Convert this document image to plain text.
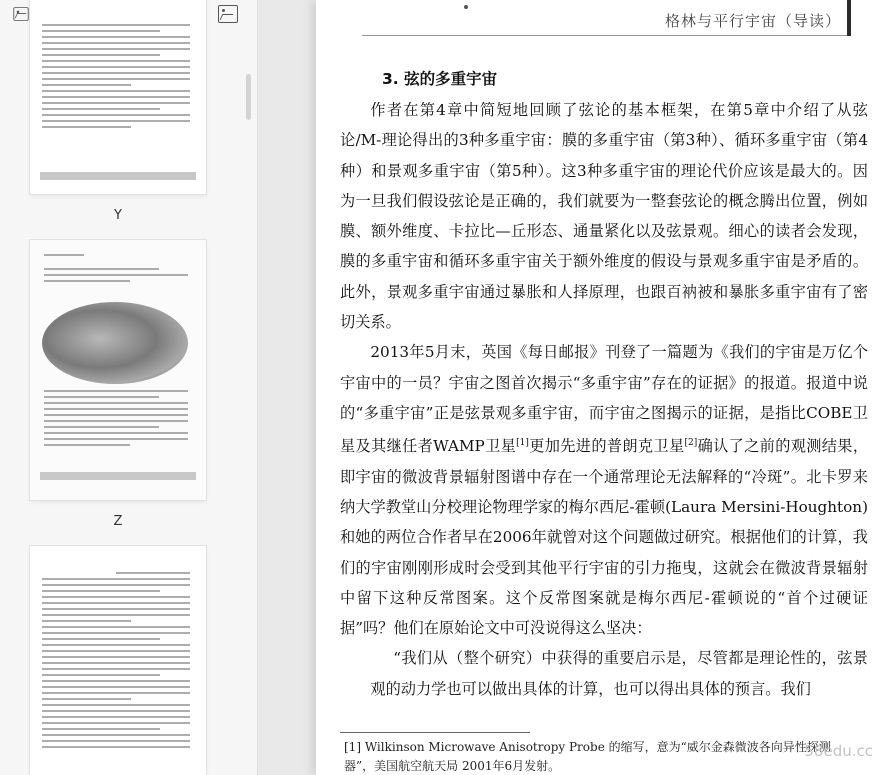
Y
Z
格林与平行宇宙（导读）
3. 弦的多重宇宙

作者在第4章中简短地回顾了弦论的基本框架，在第5章中介绍了从弦论/M-理论得出的3种多重宇宙：膜的多重宇宙（第3种）、循环多重宇宙（第4种）和景观多重宇宙（第5种）。这3种多重宇宙的理论代价应该是最大的。因为一旦我们假设弦论是正确的，我们就要为一整套弦论的概念腾出位置，例如膜、额外维度、卡拉比—丘形态、通量紧化以及弦景观。细心的读者会发现，膜的多重宇宙和循环多重宇宙关于额外维度的假设与景观多重宇宙是矛盾的。此外，景观多重宇宙通过暴胀和人择原理，也跟百衲被和暴胀多重宇宙有了密切关系。

2013年5月末，英国《每日邮报》刊登了一篇题为《我们的宇宙是万亿个宇宙中的一员？宇宙之图首次揭示“多重宇宙”存在的证据》的报道。报道中说的“多重宇宙”正是弦景观多重宇宙，而宇宙之图揭示的证据，是指比COBE卫星及其继任者WAMP卫星[1]更加先进的普朗克卫星[2]确认了之前的观测结果，即宇宙的微波背景辐射图谱中存在一个通常理论无法解释的“冷斑”。北卡罗来纳大学教堂山分校理论物理学家的梅尔西尼-霍顿(Laura Mersini-Houghton)和她的两位合作者早在2006年就曾对这个问题做过研究。根据他们的计算，我们的宇宙刚刚形成时会受到其他平行宇宙的引力拖曳，这就会在微波背景辐射中留下这种反常图案。这个反常图案就是梅尔西尼-霍顿说的“首个过硬证据”吗？他们在原始论文中可没说得这么坚决：

“我们从（整个研究）中获得的重要启示是，尽管都是理论性的，弦景观的动力学也可以做出具体的计算，也可以得出具体的预言。我们

[1] Wilkinson Microwave Anisotropy Probe 的缩写，意为“威尔金森微波各向异性探测器”，美国航空航天局 2001年6月发射。
58edu.cc
